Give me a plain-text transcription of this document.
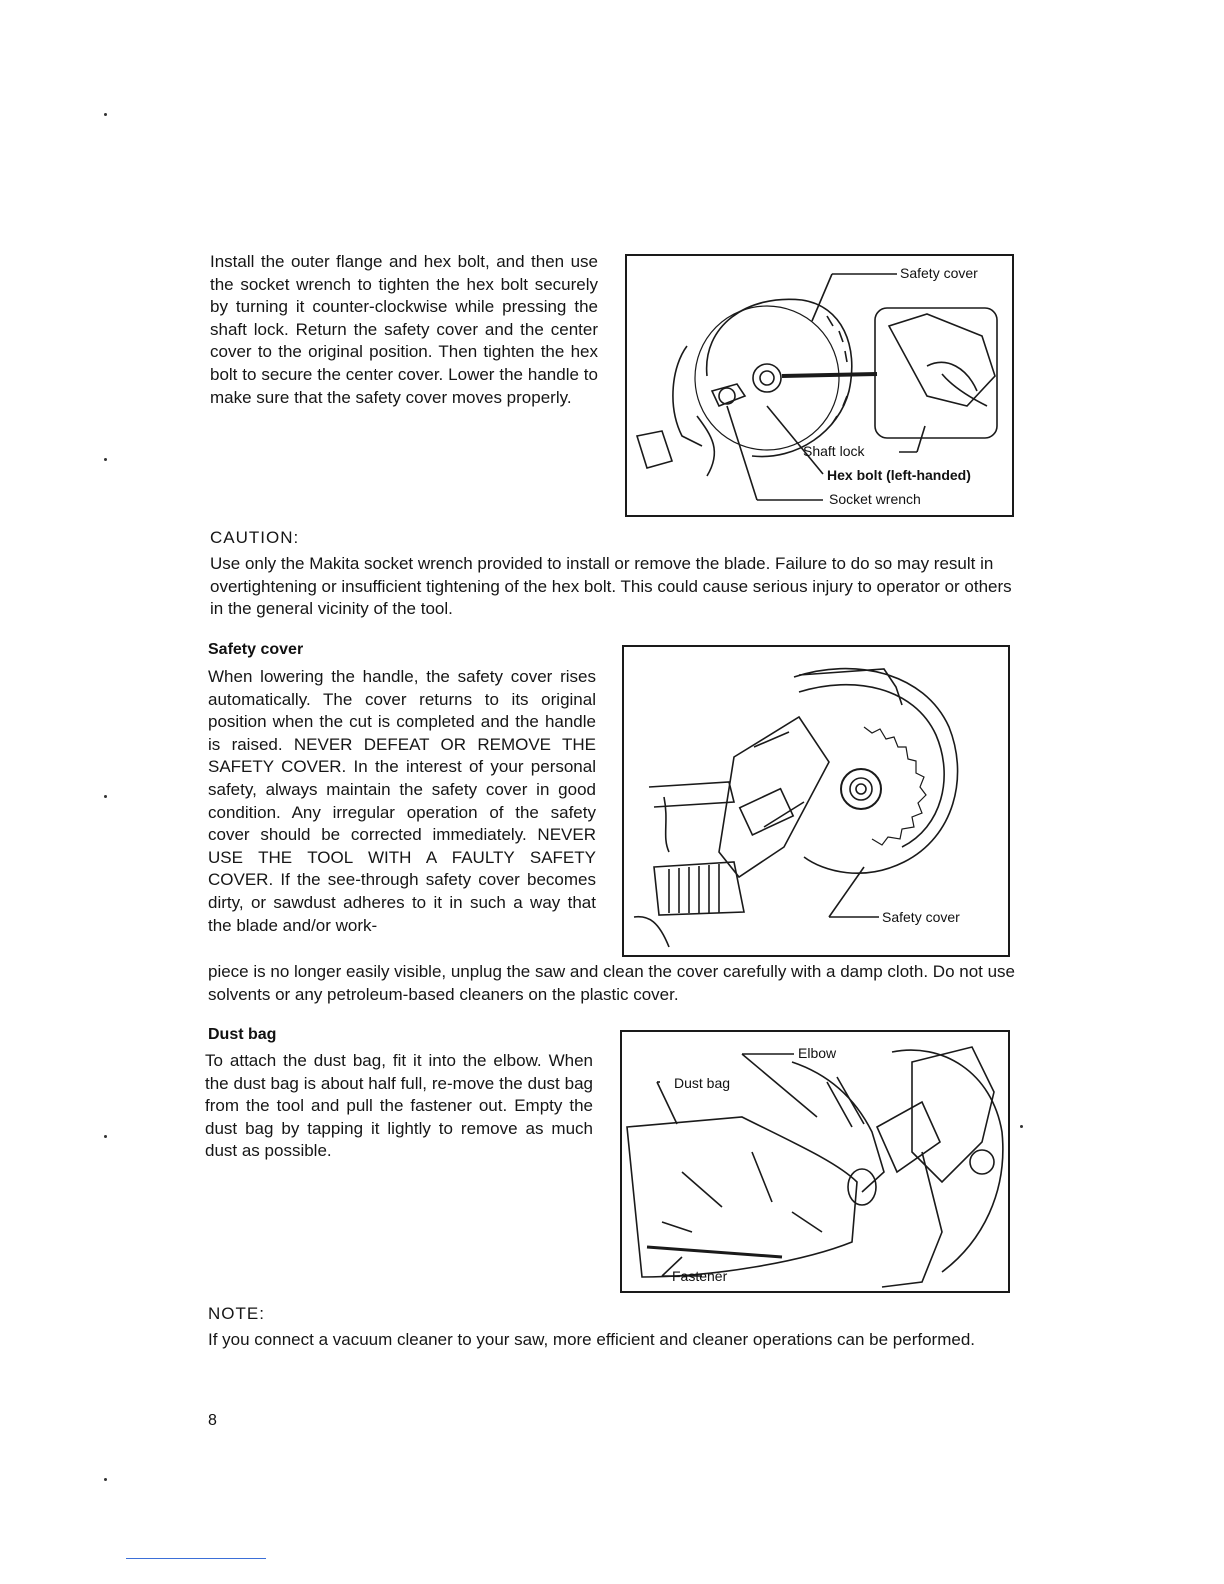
Install the outer flange and hex bolt, and then use the socket wrench to tighten the hex bolt securely by turning it counter-clockwise while pressing the shaft lock. Return the safety cover and the center cover to the original position. Then tighten the hex bolt to secure the center cover. Lower the handle to make sure that the safety cover moves properly.
Safety cover
Shaft lock
Hex bolt (left-handed)
Socket wrench
CAUTION:
Use only the Makita socket wrench provided to install or remove the blade. Failure to do so may result in overtightening or insufficient tightening of the hex bolt. This could cause serious injury to operator or others in the general vicinity of the tool.
Safety cover
When lowering the handle, the safety cover rises automatically. The cover returns to its original position when the cut is completed and the handle is raised. NEVER DEFEAT OR REMOVE THE SAFETY COVER. In the interest of your personal safety, always maintain the safety cover in good condition. Any irregular operation of the safety cover should be corrected immediately. NEVER USE THE TOOL WITH A FAULTY SAFETY COVER. If the see-through safety cover becomes dirty, or sawdust adheres to it in such a way that the blade and/or work-
piece is no longer easily visible, unplug the saw and clean the cover carefully with a damp cloth. Do not use solvents or any petroleum-based cleaners on the plastic cover.
Safety cover
Dust bag
To attach the dust bag, fit it into the elbow. When the dust bag is about half full, re-move the dust bag from the tool and pull the fastener out. Empty the dust bag by tapping it lightly to remove as much dust as possible.
Elbow
Dust bag
Fastener
NOTE:
If you connect a vacuum cleaner to your saw, more efficient and cleaner operations can be performed.
8
